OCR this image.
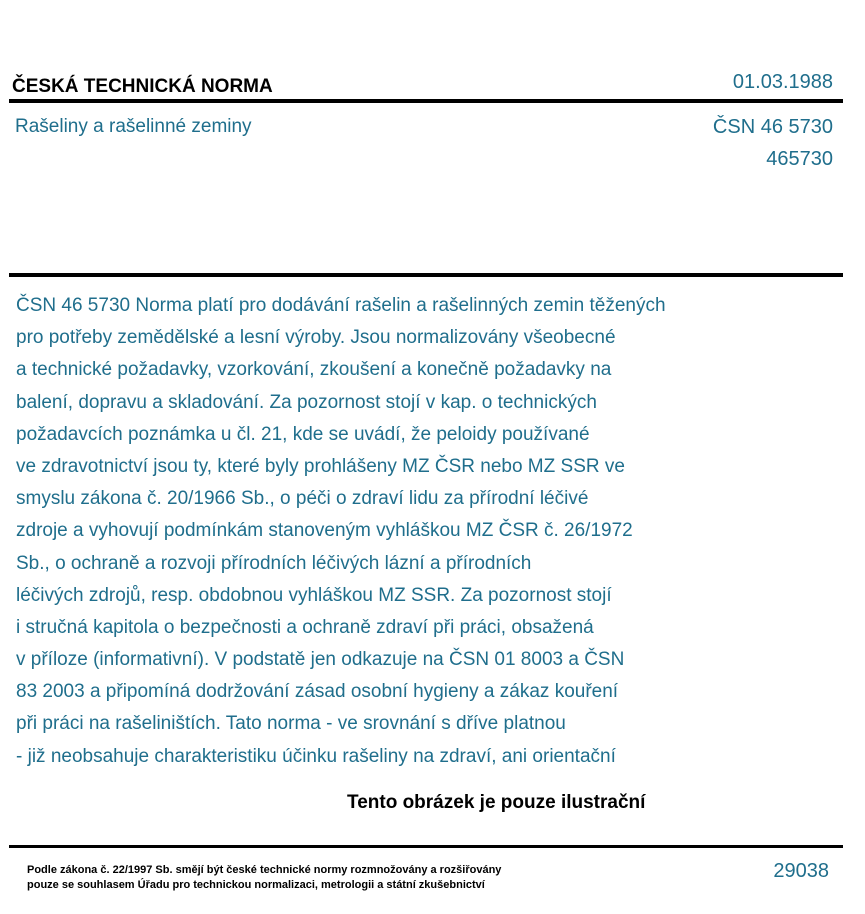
ČESKÁ TECHNICKÁ NORMA	01.03.1988
Rašeliny a rašelinné zeminy	ČSN 46 5730
465730
ČSN 46 5730 Norma platí pro dodávání rašelin a rašelinných zemin těžených
pro potřeby zemědělské a lesní výroby. Jsou normalizovány všeobecné
a technické požadavky, vzorkování, zkoušení a konečně požadavky na
balení, dopravu a skladování. Za pozornost stojí v kap. o technických
požadavcích poznámka u čl. 21, kde se uvádí, že peloidy používané
ve zdravotnictví jsou ty, které byly prohlášeny MZ ČSR nebo MZ SSR ve
smyslu zákona č. 20/1966 Sb., o péči o zdraví lidu za přírodní léčivé
zdroje a vyhovují podmínkám stanoveným vyhláškou MZ ČSR č. 26/1972
Sb., o ochraně a rozvoji přírodních léčivých lázní a přírodních
léčivých zdrojů, resp. obdobnou vyhláškou MZ SSR. Za pozornost stojí
i stručná kapitola o bezpečnosti a ochraně zdraví při práci, obsažená
v příloze (informativní). V podstatě jen odkazuje na ČSN 01 8003 a ČSN
83 2003 a připomíná dodržování zásad osobní hygieny a zákaz kouření
při práci na rašeliništích. Tato norma - ve srovnání s dříve platnou
- již neobsahuje charakteristiku účinku rašeliny na zdraví, ani orientační
Tento obrázek je pouze ilustrační
Podle zákona č. 22/1997 Sb. smějí být české technické normy rozmnožovány a rozšiřovány
pouze se souhlasem Úřadu pro technickou normalizaci, metrologii a státní zkušebnictví
29038
